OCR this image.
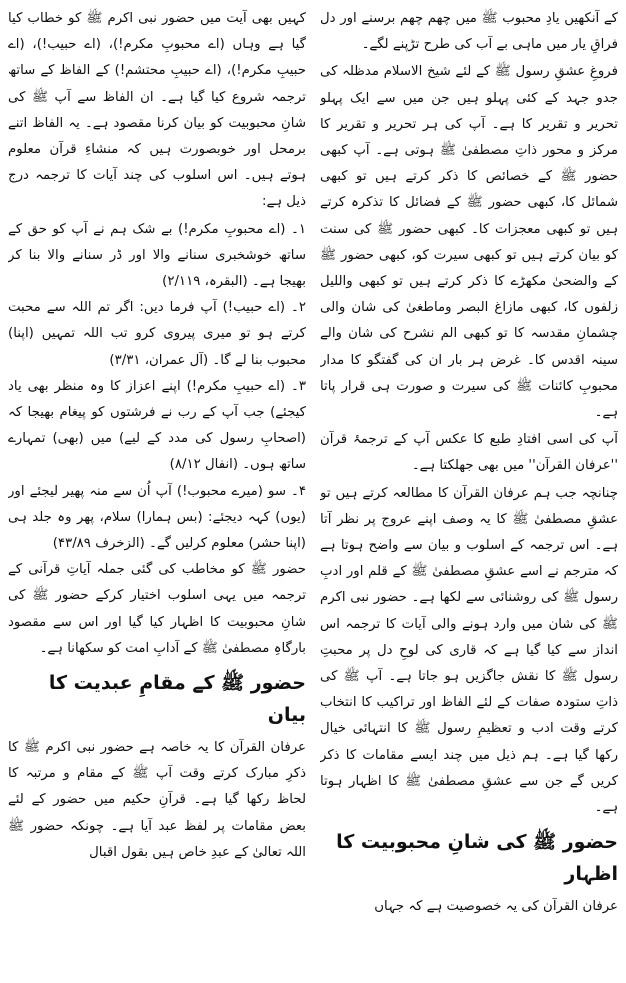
کے آنکھیں یادِ محبوب ﷺ میں چھم چھم برسنے اور دل فراقِ یار میں ماہی بے آب کی طرح تڑپنے لگے۔

فروغِ عشقِ رسول ﷺ کے لئے شیخ الاسلام مدظلہ کی جدو جہد کے کئی پہلو ہیں جن میں سے ایک پہلو تحریر و تقریر کا ہے۔ آپ کی ہر تحریر و تقریر کا مرکز و محور ذاتِ مصطفیٰ ﷺ ہوتی ہے۔ آپ کبھی حضور ﷺ کے خصائص کا ذکر کرتے ہیں تو کبھی شمائل کا، کبھی حضور ﷺ کے فضائل کا تذکرہ کرتے ہیں تو کبھی معجزات کا۔ کبھی حضور ﷺ کی سنت کو بیان کرتے ہیں تو کبھی سیرت کو، کبھی حضور ﷺ کے والضحیٰ مکھڑے کا ذکر کرتے ہیں تو کبھی واللیل زلفوں کا، کبھی مازاغ البصر وماطغیٰ کی شان والی چشمانِ مقدسہ کا تو کبھی الم نشرح کی شان والے سینہ اقدس کا۔ غرض ہر بار ان کی گفتگو کا مدار محبوبِ کائنات ﷺ کی سیرت و صورت ہی قرار پاتا ہے۔

آپ کی اسی افتادِ طبع کا عکس آپ کے ترجمۂ قرآن ''عرفان القرآن'' میں بھی جھلکتا ہے۔

چنانچہ جب ہم عرفان القرآن کا مطالعہ کرتے ہیں تو عشقِ مصطفیٰ ﷺ کا یہ وصف اپنے عروج پر نظر آتا ہے۔ اس ترجمہ کے اسلوب و بیان سے واضح ہوتا ہے کہ مترجم نے اسے عشقِ مصطفیٰ ﷺ کے قلم اور ادبِ رسول ﷺ کی روشنائی سے لکھا ہے۔ حضور نبی اکرم ﷺ کی شان میں وارد ہونے والی آیات کا ترجمہ اس انداز سے کیا گیا ہے کہ قاری کی لوحِ دل پر محبتِ رسول ﷺ کا نقش جاگزیں ہو جاتا ہے۔ آپ ﷺ کی ذاتِ ستودہ صفات کے لئے الفاظ اور تراکیب کا انتخاب کرتے وقت ادب و تعظیمِ رسول ﷺ کا انتہائی خیال رکھا گیا ہے۔ ہم ذیل میں چند ایسے مقامات کا ذکر کریں گے جن سے عشقِ مصطفیٰ ﷺ کا اظہار ہوتا ہے۔

حضور ﷺ کی شانِ محبوبیت کا اظہار

عرفان القرآن کی یہ خصوصیت ہے کہ جہاں

کہیں بھی آیت میں حضور نبی اکرم ﷺ کو خطاب کیا گیا ہے وہاں (اے محبوبِ مکرم!)، (اے حبیب!)، (اے حبیبِ مکرم!)، (اے حبیبِ محتشم!) کے الفاظ کے ساتھ ترجمہ شروع کیا گیا ہے۔ ان الفاظ سے آپ ﷺ کی شانِ محبوبیت کو بیان کرنا مقصود ہے۔ یہ الفاظ اتنے برمحل اور خوبصورت ہیں کہ منشاءِ قرآن معلوم ہوتے ہیں۔ اس اسلوب کی چند آیات کا ترجمہ درج ذیل ہے:

۱۔ (اے محبوبِ مکرم!) بے شک ہم نے آپ کو حق کے ساتھ خوشخبری سنانے والا اور ڈر سنانے والا بنا کر بھیجا ہے۔ (البقرہ، ۲/۱۱۹)

۲۔ (اے حبیب!) آپ فرما دیں: اگر تم اللہ سے محبت کرتے ہو تو میری پیروی کرو تب اللہ تمہیں (اپنا) محبوب بنا لے گا۔ (آل عمران، ۳/۳۱)

۳۔ (اے حبیبِ مکرم!) اپنے اعزاز کا وہ منظر بھی یاد کیجئے) جب آپ کے رب نے فرشتوں کو پیغام بھیجا کہ (اصحابِ رسول کی مدد کے لیے) میں (بھی) تمہارے ساتھ ہوں۔ (انفال ۸/۱۲)

۴۔ سو (میرے محبوب!) آپ اُن سے منہ پھیر لیجئے اور (یوں) کہہ دیجئے: (بس ہمارا) سلام، پھر وہ جلد ہی (اپنا حشر) معلوم کرلیں گے۔ (الزخرف ۴۳/۸۹)

حضور ﷺ کو مخاطب کی گئی جملہ آیاتِ قرآنی کے ترجمہ میں یہی اسلوب اختیار کرکے حضور ﷺ کی شانِ محبوبیت کا اظہار کیا گیا اور اس سے مقصود بارگاہِ مصطفیٰ ﷺ کے آدابِ امت کو سکھانا ہے۔

حضور ﷺ کے مقامِ عبدیت کا بیان

عرفان القرآن کا یہ خاصہ ہے حضور نبی اکرم ﷺ کا ذکرِ مبارک کرتے وقت آپ ﷺ کے مقام و مرتبہ کا لحاظ رکھا گیا ہے۔ قرآنِ حکیم میں حضور کے لئے بعض مقامات پر لفظ عبد آیا ہے۔ چونکہ حضور ﷺ اللہ تعالیٰ کے عبدِ خاص ہیں بقول اقبال
